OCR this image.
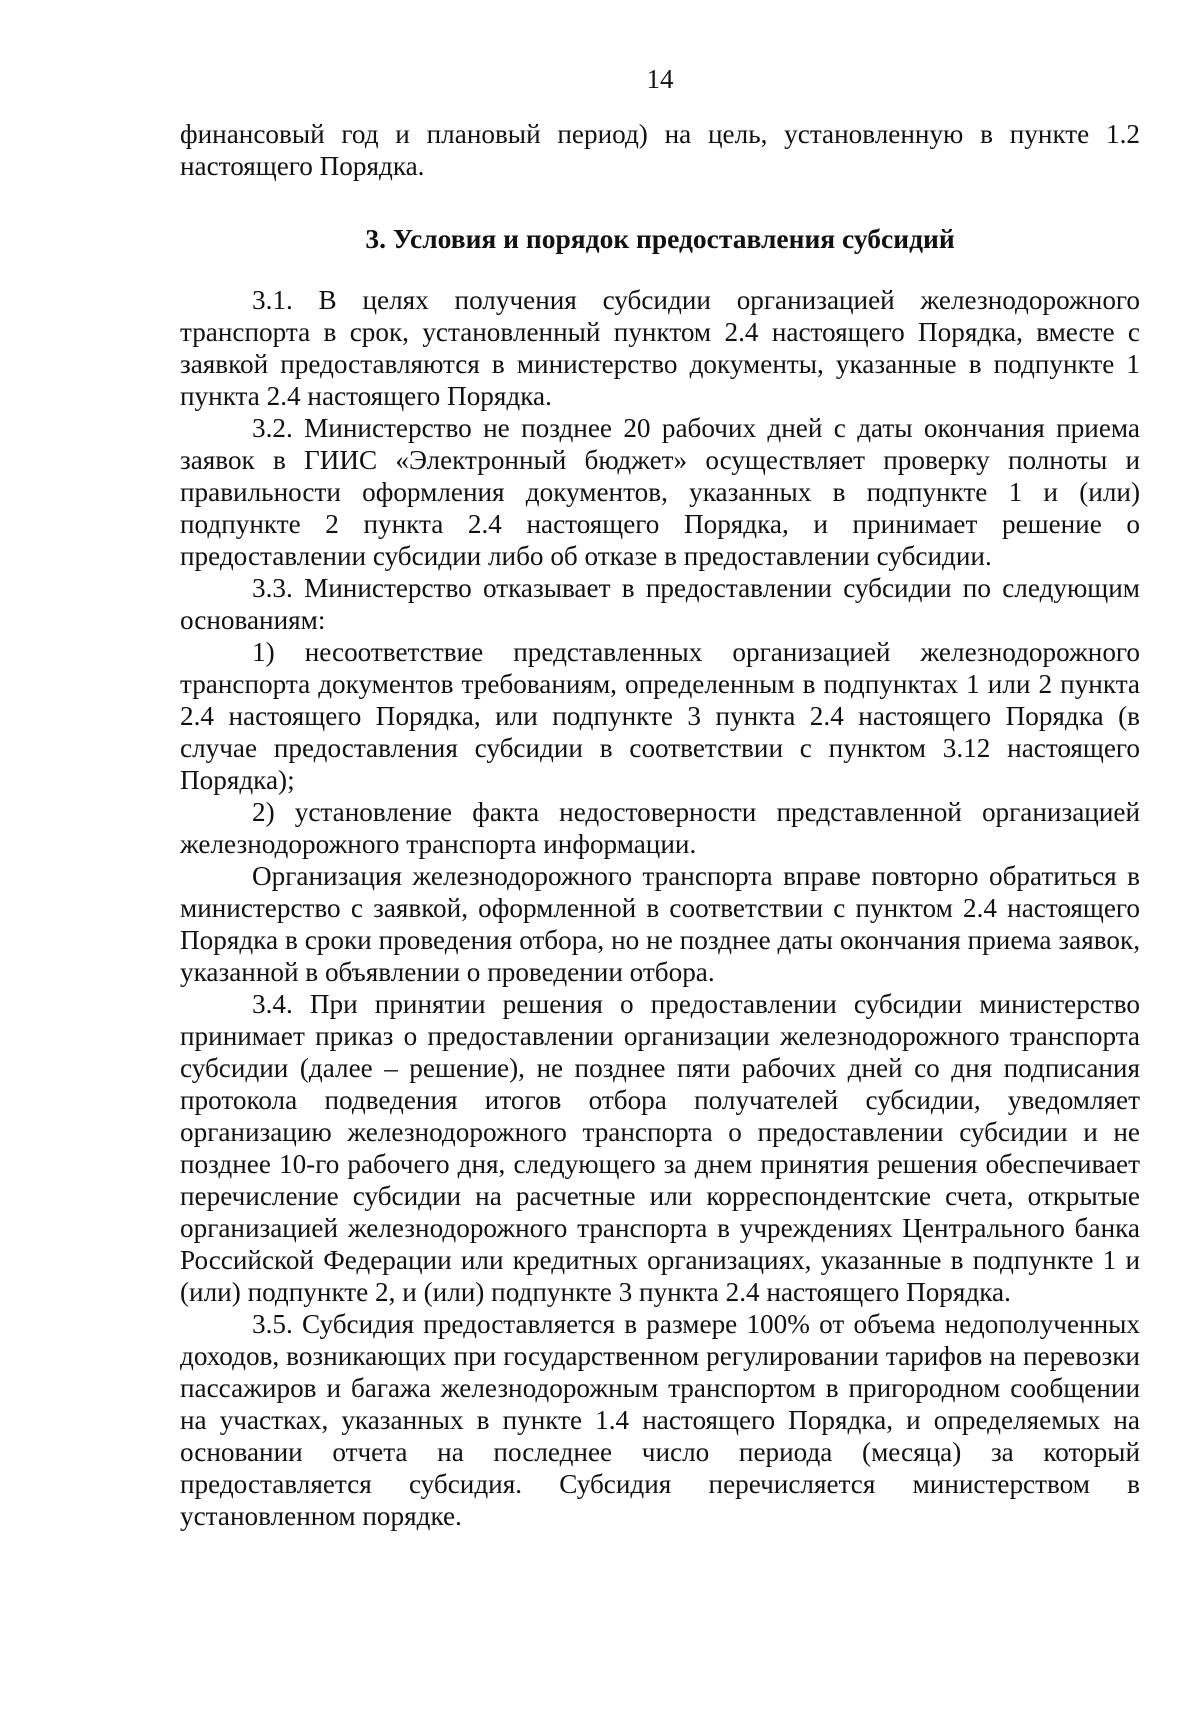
14

финансовый год и плановый период) на цель, установленную в пункте 1.2 настоящего Порядка.

3. Условия и порядок предоставления субсидий

3.1. В целях получения субсидии организацией железнодорожного транспорта в срок, установленный пунктом 2.4 настоящего Порядка, вместе с заявкой предоставляются в министерство документы, указанные в подпункте 1 пункта 2.4 настоящего Порядка.

3.2. Министерство не позднее 20 рабочих дней с даты окончания приема заявок в ГИИС «Электронный бюджет» осуществляет проверку полноты и правильности оформления документов, указанных в подпункте 1 и (или) подпункте 2 пункта 2.4 настоящего Порядка, и принимает решение о предоставлении субсидии либо об отказе в предоставлении субсидии.

3.3. Министерство отказывает в предоставлении субсидии по следующим основаниям:

1) несоответствие представленных организацией железнодорожного транспорта документов требованиям, определенным в подпунктах 1 или 2 пункта 2.4 настоящего Порядка, или подпункте 3 пункта 2.4 настоящего Порядка (в случае предоставления субсидии в соответствии с пунктом 3.12 настоящего Порядка);

2) установление факта недостоверности представленной организацией железнодорожного транспорта информации.

Организация железнодорожного транспорта вправе повторно обратиться в министерство с заявкой, оформленной в соответствии с пунктом 2.4 настоящего Порядка в сроки проведения отбора, но не позднее даты окончания приема заявок, указанной в объявлении о проведении отбора.

3.4. При принятии решения о предоставлении субсидии министерство принимает приказ о предоставлении организации железнодорожного транспорта субсидии (далее – решение), не позднее пяти рабочих дней со дня подписания протокола подведения итогов отбора получателей субсидии, уведомляет организацию железнодорожного транспорта о предоставлении субсидии и не позднее 10-го рабочего дня, следующего за днем принятия решения обеспечивает перечисление субсидии на расчетные или корреспондентские счета, открытые организацией железнодорожного транспорта в учреждениях Центрального банка Российской Федерации или кредитных организациях, указанные в подпункте 1 и (или) подпункте 2, и (или) подпункте 3 пункта 2.4 настоящего Порядка.

3.5. Субсидия предоставляется в размере 100% от объема недополученных доходов, возникающих при государственном регулировании тарифов на перевозки пассажиров и багажа железнодорожным транспортом в пригородном сообщении на участках, указанных в пункте 1.4 настоящего Порядка, и определяемых на основании отчета на последнее число периода (месяца) за который предоставляется субсидия. Субсидия перечисляется министерством в установленном порядке.
